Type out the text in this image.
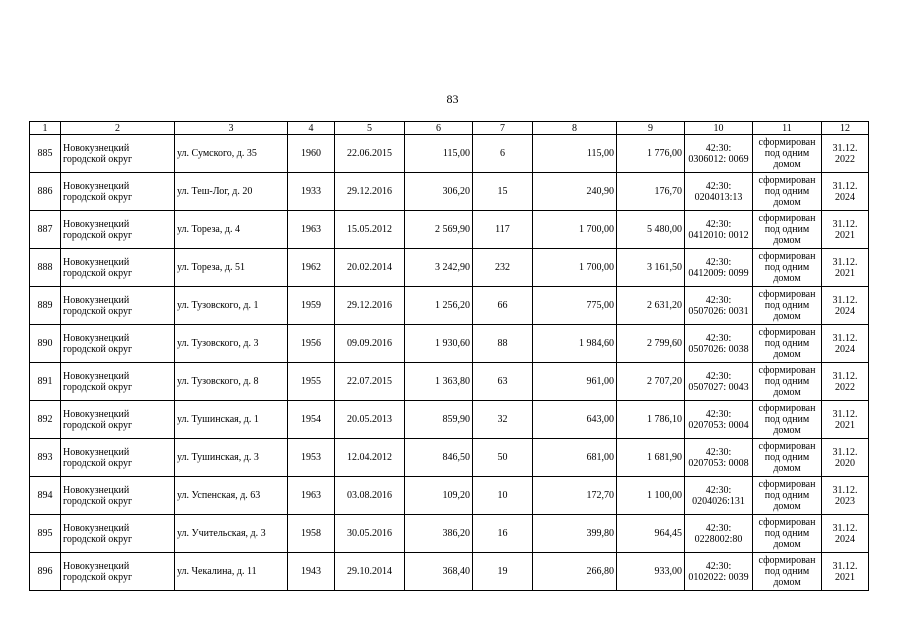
83
1	2	3	4	5	6	7	8	9	10	11	12
885	Новокузнецкий городской округ	ул. Сумского, д. 35	1960	22.06.2015	115,00	6	115,00	1 776,00	42:30: 0306012: 0069	сформирован под одним домом	31.12. 2022
886	Новокузнецкий городской округ	ул. Теш-Лог, д. 20	1933	29.12.2016	306,20	15	240,90	176,70	42:30: 0204013:13	сформирован под одним домом	31.12. 2024
887	Новокузнецкий городской округ	ул. Тореза, д. 4	1963	15.05.2012	2 569,90	117	1 700,00	5 480,00	42:30: 0412010: 0012	сформирован под одним домом	31.12. 2021
888	Новокузнецкий городской округ	ул. Тореза, д. 51	1962	20.02.2014	3 242,90	232	1 700,00	3 161,50	42:30: 0412009: 0099	сформирован под одним домом	31.12. 2021
889	Новокузнецкий городской округ	ул. Тузовского, д. 1	1959	29.12.2016	1 256,20	66	775,00	2 631,20	42:30: 0507026: 0031	сформирован под одним домом	31.12. 2024
890	Новокузнецкий городской округ	ул. Тузовского, д. 3	1956	09.09.2016	1 930,60	88	1 984,60	2 799,60	42:30: 0507026: 0038	сформирован под одним домом	31.12. 2024
891	Новокузнецкий городской округ	ул. Тузовского, д. 8	1955	22.07.2015	1 363,80	63	961,00	2 707,20	42:30: 0507027: 0043	сформирован под одним домом	31.12. 2022
892	Новокузнецкий городской округ	ул. Тушинская, д. 1	1954	20.05.2013	859,90	32	643,00	1 786,10	42:30: 0207053: 0004	сформирован под одним домом	31.12. 2021
893	Новокузнецкий городской округ	ул. Тушинская, д. 3	1953	12.04.2012	846,50	50	681,00	1 681,90	42:30: 0207053: 0008	сформирован под одним домом	31.12. 2020
894	Новокузнецкий городской округ	ул. Успенская, д. 63	1963	03.08.2016	109,20	10	172,70	1 100,00	42:30: 0204026:131	сформирован под одним домом	31.12. 2023
895	Новокузнецкий городской округ	ул. Учительская, д. 3	1958	30.05.2016	386,20	16	399,80	964,45	42:30: 0228002:80	сформирован под одним домом	31.12. 2024
896	Новокузнецкий городской округ	ул. Чекалина, д. 11	1943	29.10.2014	368,40	19	266,80	933,00	42:30: 0102022: 0039	сформирован под одним домом	31.12. 2021
